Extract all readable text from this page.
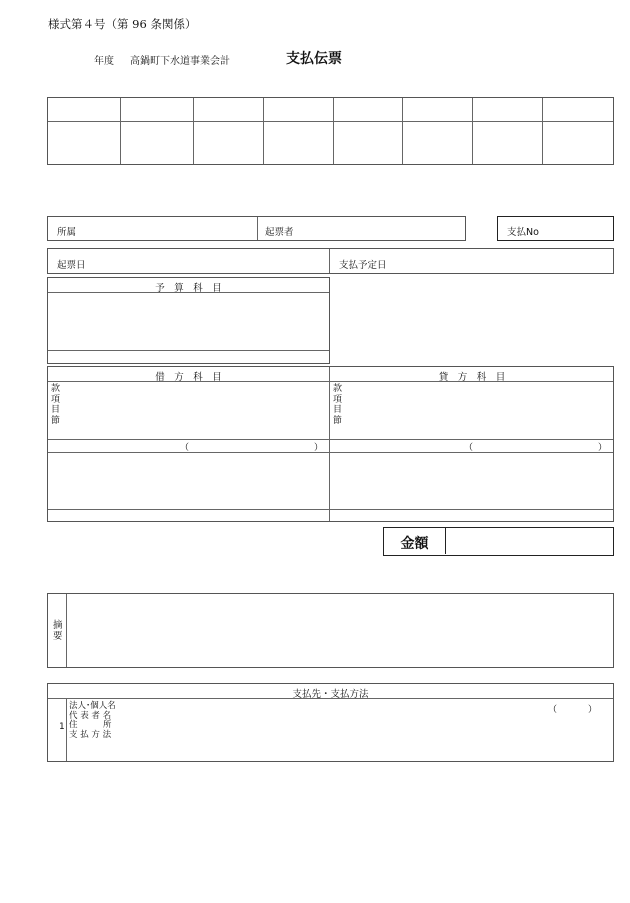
様式第４号（第 96 条関係）
年度 高鍋町下水道事業会計	支払伝票
所属	起票者	支払No
起票日	支払予定日
予　算　科　目
借　方　科　目	貸　方　科　目
款
項
目
節
款
項
目
節
（	）	（	）
金額
摘
要
支払先・支払方法
1
法人･個人名
代 表 者 名
住　　　所
支 払 方 法
（	）
